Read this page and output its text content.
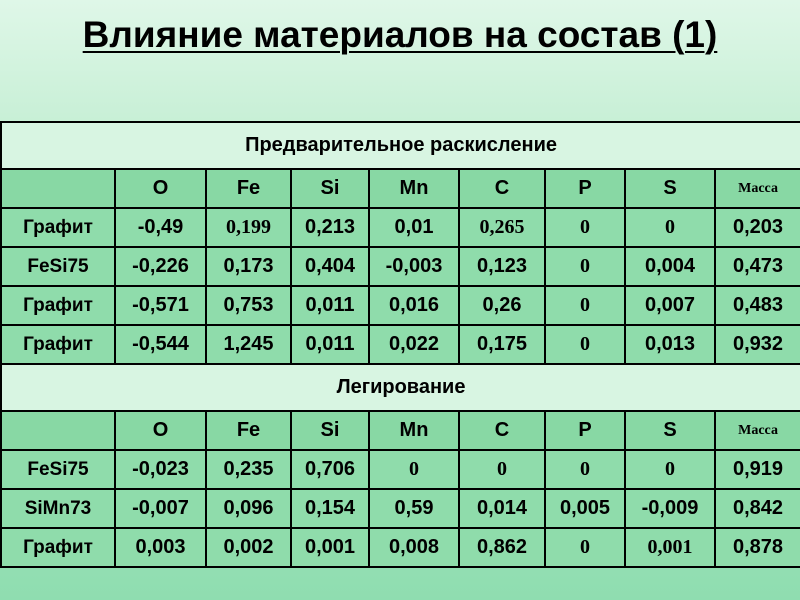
Влияние материалов на состав (1)
Предварительное раскисление								
	O	Fe	Si	Mn	C	P	S	Масса
Графит	-0,49	0,199	0,213	0,01	0,265	0	0	0,203
FeSi75	-0,226	0,173	0,404	-0,003	0,123	0	0,004	0,473
Графит	-0,571	0,753	0,011	0,016	0,26	0	0,007	0,483
Графит	-0,544	1,245	0,011	0,022	0,175	0	0,013	0,932
Легирование								
	O	Fe	Si	Mn	C	P	S	Масса
FeSi75	-0,023	0,235	0,706	0	0	0	0	0,919
SiMn73	-0,007	0,096	0,154	0,59	0,014	0,005	-0,009	0,842
Графит	0,003	0,002	0,001	0,008	0,862	0	0,001	0,878
